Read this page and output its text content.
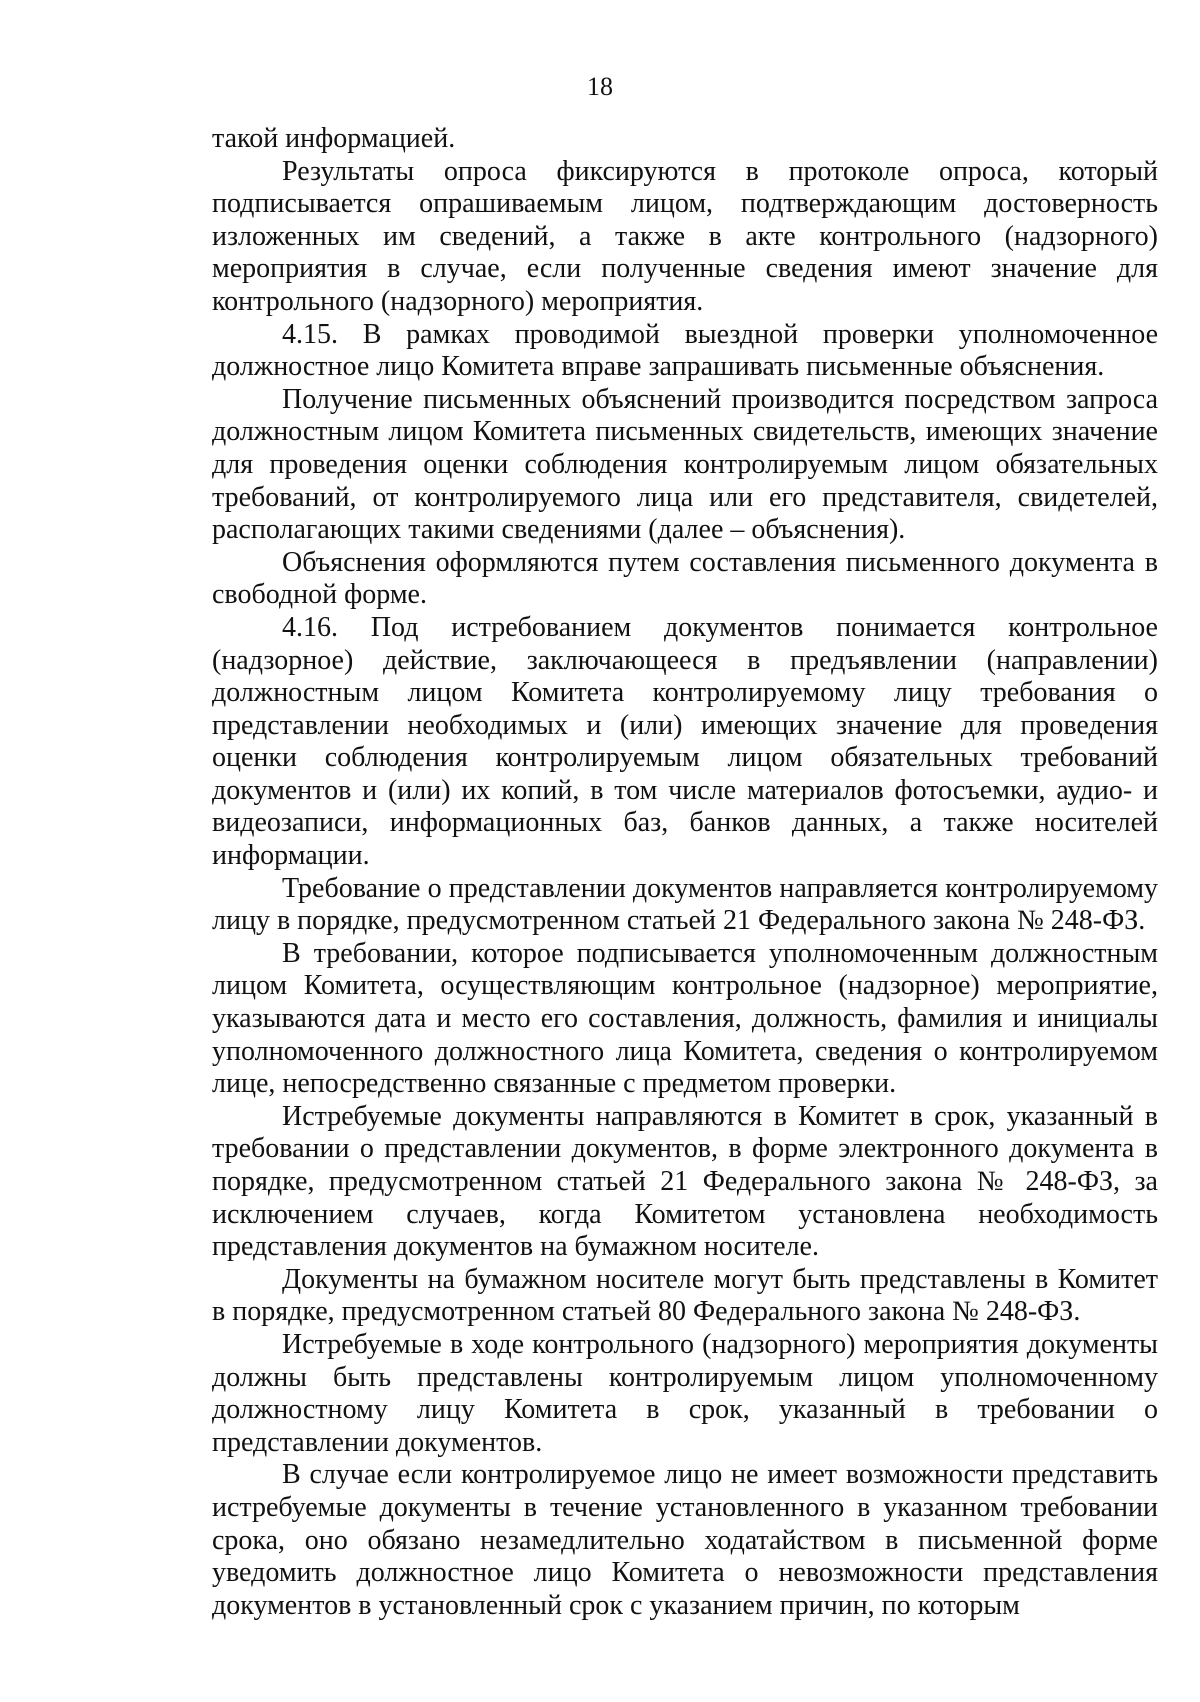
18

такой информацией.

Результаты опроса фиксируются в протоколе опроса, который подписывается опрашиваемым лицом, подтверждающим достоверность изложенных им сведений, а также в акте контрольного (надзорного) мероприятия в случае, если полученные сведения имеют значение для контрольного (надзорного) мероприятия.

4.15. В рамках проводимой выездной проверки уполномоченное должностное лицо Комитета вправе запрашивать письменные объяснения.

Получение письменных объяснений производится посредством запроса должностным лицом Комитета письменных свидетельств, имеющих значение для проведения оценки соблюдения контролируемым лицом обязательных требований, от контролируемого лица или его представителя, свидетелей, располагающих такими сведениями (далее – объяснения).

Объяснения оформляются путем составления письменного документа в свободной форме.

4.16. Под истребованием документов понимается контрольное (надзорное) действие, заключающееся в предъявлении (направлении) должностным лицом Комитета контролируемому лицу требования о представлении необходимых и (или) имеющих значение для проведения оценки соблюдения контролируемым лицом обязательных требований документов и (или) их копий, в том числе материалов фотосъемки, аудио- и видеозаписи, информационных баз, банков данных, а также носителей информации.

Требование о представлении документов направляется контролируемому лицу в порядке, предусмотренном статьей 21 Федерального закона № 248-ФЗ.

В требовании, которое подписывается уполномоченным должностным лицом Комитета, осуществляющим контрольное (надзорное) мероприятие, указываются дата и место его составления, должность, фамилия и инициалы уполномоченного должностного лица Комитета, сведения о контролируемом лице, непосредственно связанные с предметом проверки.

Истребуемые документы направляются в Комитет в срок, указанный в требовании о представлении документов, в форме электронного документа в порядке, предусмотренном статьей 21 Федерального закона № 248-ФЗ, за исключением случаев, когда Комитетом установлена необходимость представления документов на бумажном носителе.

Документы на бумажном носителе могут быть представлены в Комитет в порядке, предусмотренном статьей 80 Федерального закона № 248-ФЗ.

Истребуемые в ходе контрольного (надзорного) мероприятия документы должны быть представлены контролируемым лицом уполномоченному должностному лицу Комитета в срок, указанный в требовании о представлении документов.

В случае если контролируемое лицо не имеет возможности представить истребуемые документы в течение установленного в указанном требовании срока, оно обязано незамедлительно ходатайством в письменной форме уведомить должностное лицо Комитета о невозможности представления документов в установленный срок с указанием причин, по которым
